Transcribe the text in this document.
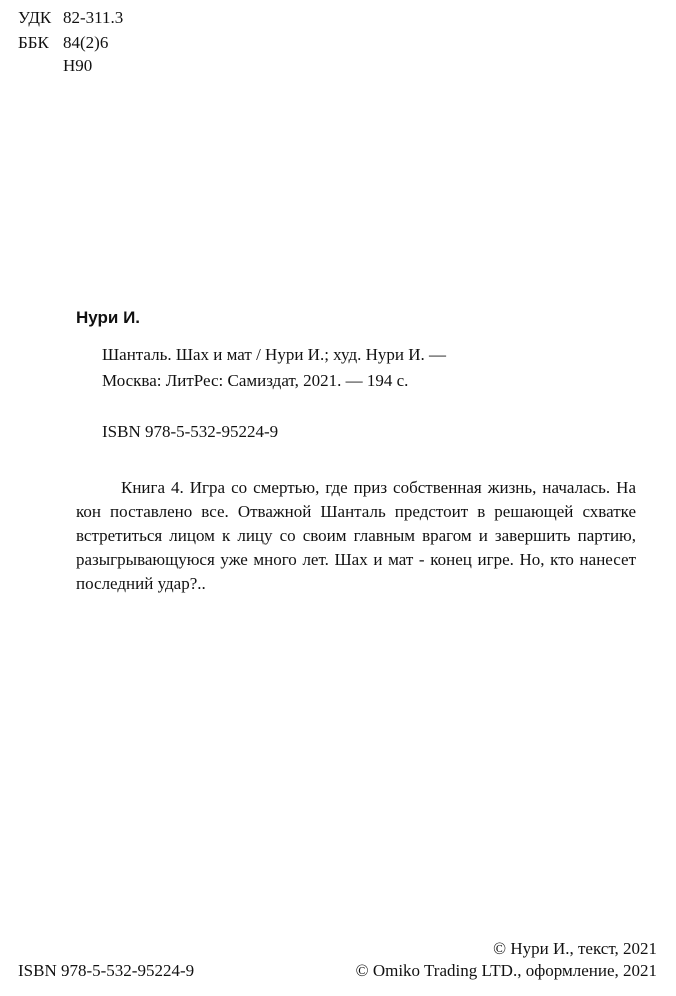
УДК 82-311.3
ББК 84(2)6
Н90
Нури И.
Шанталь. Шах и мат / Нури И.; худ. Нури И. —
Москва: ЛитРес: Самиздат, 2021. — 194 с.
ISBN 978-5-532-95224-9
Книга 4. Игра со смертью, где приз собственная жизнь, началась. На кон поставлено все. Отважной Шанталь предстоит в решающей схватке встретиться лицом к лицу со своим главным врагом и завершить партию, разыгрывающуюся уже много лет. Шах и мат - конец игре. Но, кто нанесет последний удар?..
ISBN 978-5-532-95224-9
© Нури И., текст, 2021
© Omiko Trading LTD., оформление, 2021
